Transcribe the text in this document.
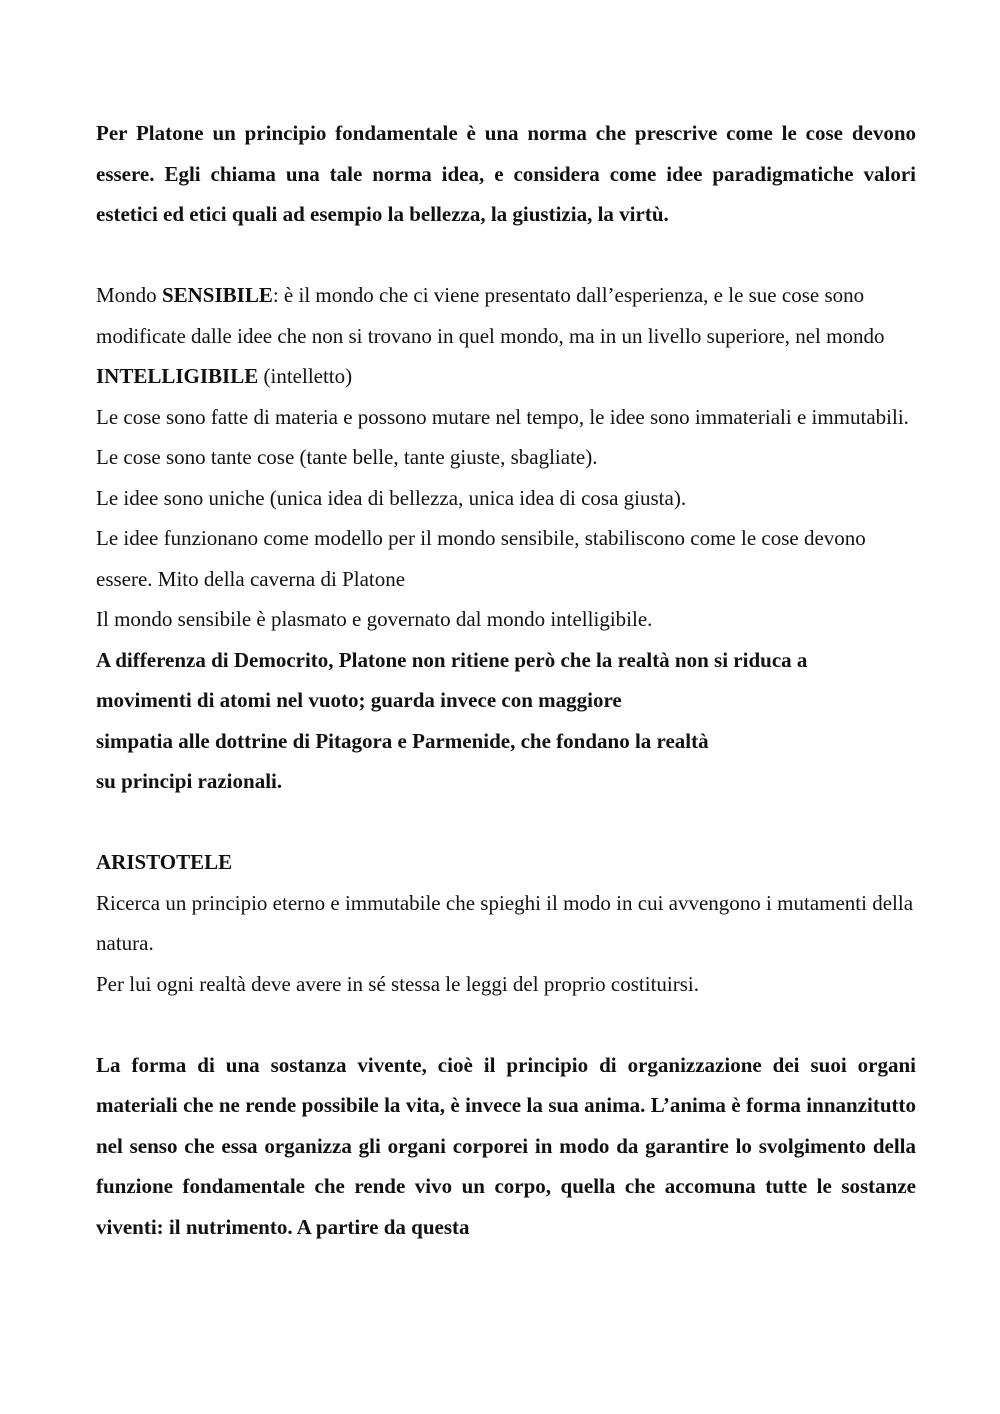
Per Platone un principio fondamentale è una norma che prescrive come le cose devono essere. Egli chiama una tale norma idea, e considera come idee paradigmatiche valori estetici ed etici quali ad esempio la bellezza, la giustizia, la virtù.

Mondo SENSIBILE: è il mondo che ci viene presentato dall’esperienza, e le sue cose sono modificate dalle idee che non si trovano in quel mondo, ma in un livello superiore, nel mondo INTELLIGIBILE (intelletto)

Le cose sono fatte di materia e possono mutare nel tempo, le idee sono immateriali e immutabili. Le cose sono tante cose (tante belle, tante giuste, sbagliate).

Le idee sono uniche (unica idea di bellezza, unica idea di cosa giusta).

Le idee funzionano come modello per il mondo sensibile, stabiliscono come le cose devono essere. Mito della caverna di Platone

Il mondo sensibile è plasmato e governato dal mondo intelligibile.

A differenza di Democrito, Platone non ritiene però che la realtà non si riduca a
movimenti di atomi nel vuoto; guarda invece con maggiore
simpatia alle dottrine di Pitagora e Parmenide, che fondano la realtà
su principi razionali.

ARISTOTELE

Ricerca un principio eterno e immutabile che spieghi il modo in cui avvengono i mutamenti della natura.

Per lui ogni realtà deve avere in sé stessa le leggi del proprio costituirsi.

La forma di una sostanza vivente, cioè il principio di organizzazione dei suoi organi materiali che ne rende possibile la vita, è invece la sua anima. L’anima è forma innanzitutto nel senso che essa organizza gli organi corporei in modo da garantire lo svolgimento della funzione fondamentale che rende vivo un corpo, quella che accomuna tutte le sostanze viventi: il nutrimento. A partire da questa
